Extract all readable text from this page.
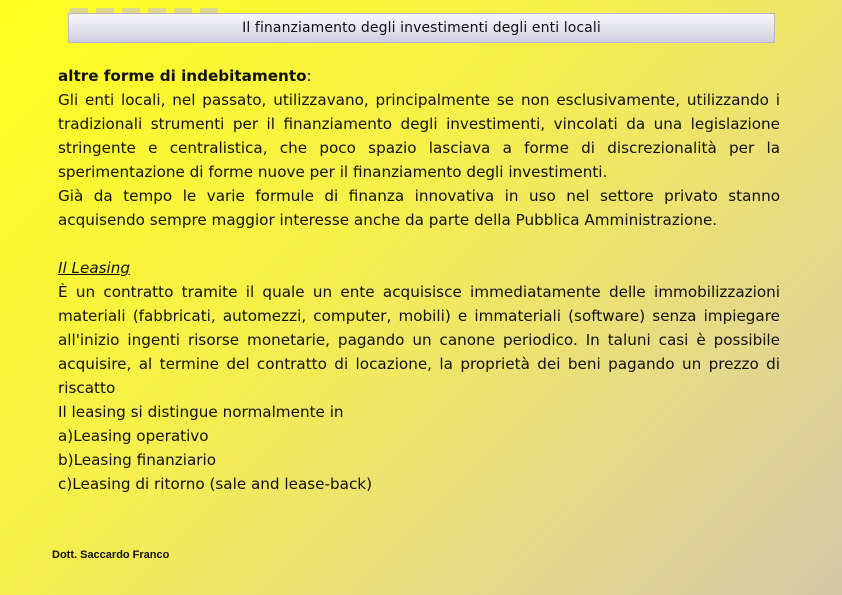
Il finanziamento degli investimenti degli enti locali

altre forme di indebitamento:

Gli enti locali, nel passato, utilizzavano, principalmente se non esclusivamente, utilizzando i tradizionali strumenti per il finanziamento degli investimenti, vincolati da una legislazione stringente e centralistica, che poco spazio lasciava a forme di discrezionalità per la sperimentazione di forme nuove per il finanziamento degli investimenti.

Già da tempo le varie formule di finanza innovativa in uso nel settore privato stanno acquisendo sempre maggior interesse anche da parte della Pubblica Amministrazione.

Il Leasing

È un contratto tramite il quale un ente acquisisce immediatamente delle immobilizzazioni materiali (fabbricati, automezzi, computer, mobili) e immateriali (software) senza impiegare all'inizio ingenti risorse monetarie, pagando un canone periodico. In taluni casi è possibile acquisire, al termine del contratto di locazione, la proprietà dei beni pagando un prezzo di riscatto

Il leasing si distingue normalmente in

a)Leasing operativo

b)Leasing finanziario

c)Leasing di ritorno (sale and lease-back)

Dott. Saccardo Franco
